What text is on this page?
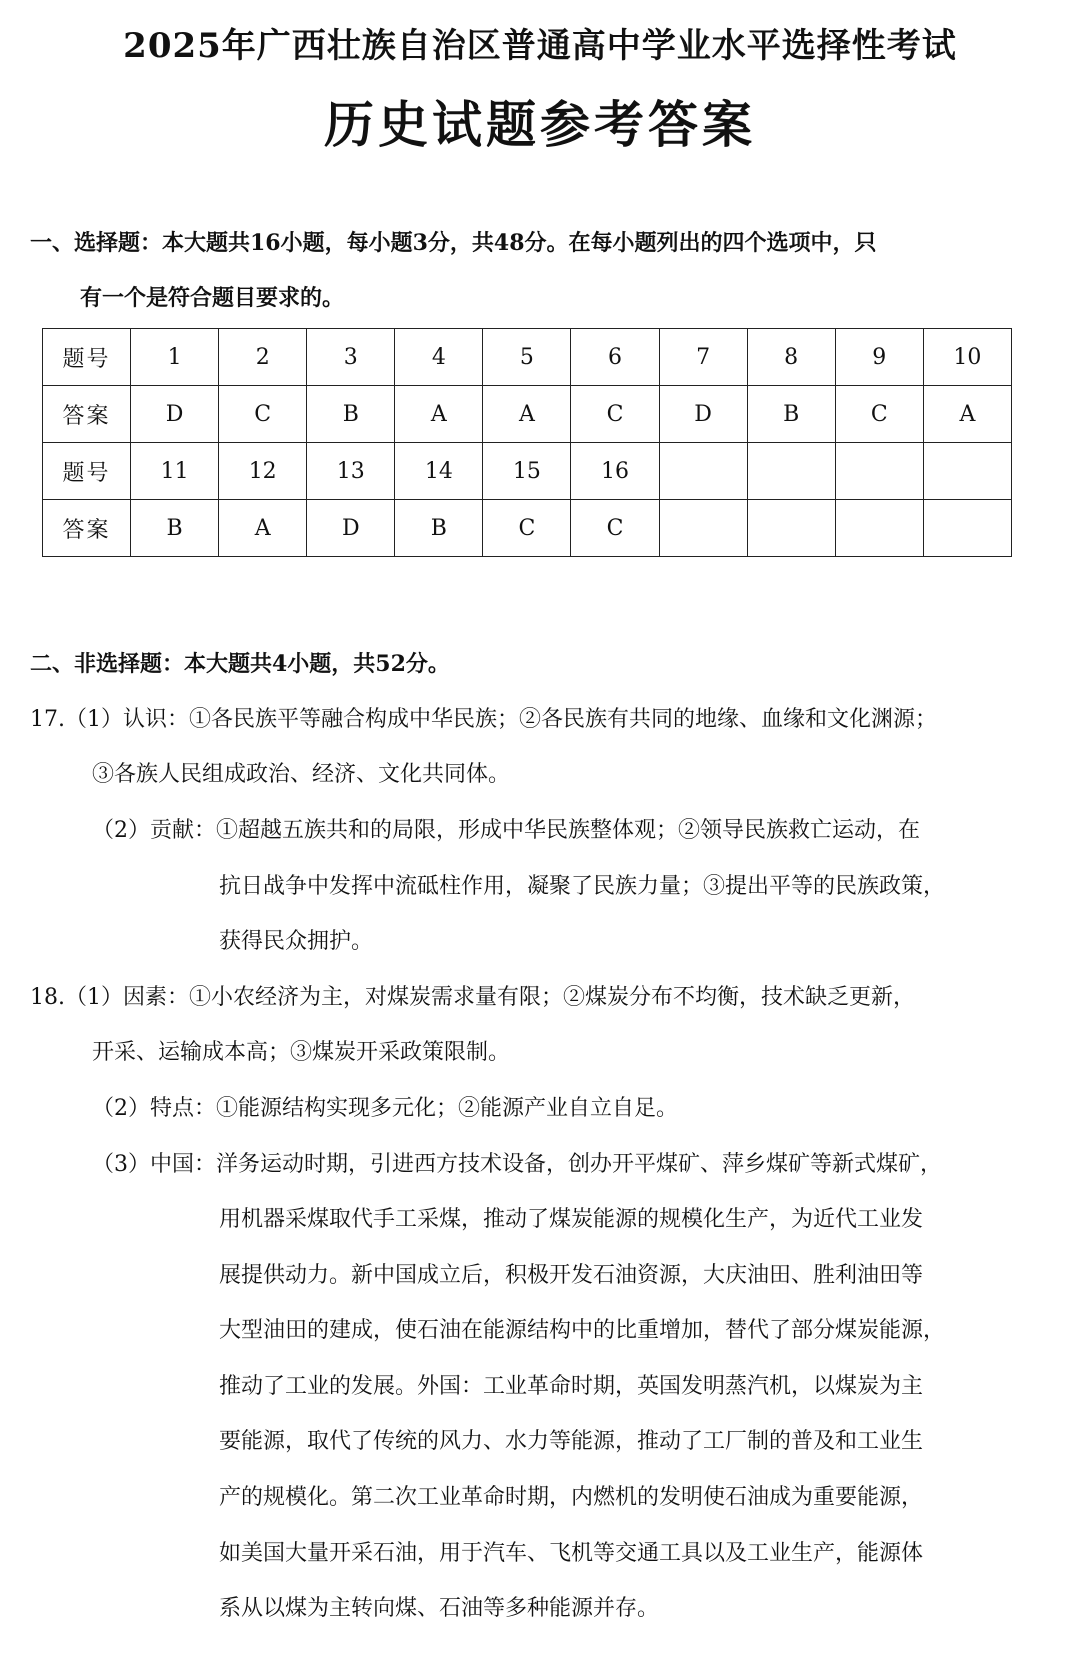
2025年广西壮族自治区普通高中学业水平选择性考试
历史试题参考答案
一、选择题：本大题共16小题，每小题3分，共48分。在每小题列出的四个选项中，只
有一个是符合题目要求的。
题号	1	2	3	4	5	6	7	8	9	10
答案	D	C	B	A	A	C	D	B	C	A
题号	11	12	13	14	15	16				
答案	B	A	D	B	C	C				
二、非选择题：本大题共4小题，共52分。
17.（1）认识：①各民族平等融合构成中华民族；②各民族有共同的地缘、血缘和文化渊源；
③各族人民组成政治、经济、文化共同体。
（2）贡献：①超越五族共和的局限，形成中华民族整体观；②领导民族救亡运动，在
抗日战争中发挥中流砥柱作用，凝聚了民族力量；③提出平等的民族政策，
获得民众拥护。
18.（1）因素：①小农经济为主，对煤炭需求量有限；②煤炭分布不均衡，技术缺乏更新，
开采、运输成本高；③煤炭开采政策限制。
（2）特点：①能源结构实现多元化；②能源产业自立自足。
（3）中国：洋务运动时期，引进西方技术设备，创办开平煤矿、萍乡煤矿等新式煤矿，
用机器采煤取代手工采煤，推动了煤炭能源的规模化生产，为近代工业发
展提供动力。新中国成立后，积极开发石油资源，大庆油田、胜利油田等
大型油田的建成，使石油在能源结构中的比重增加，替代了部分煤炭能源，
推动了工业的发展。外国：工业革命时期，英国发明蒸汽机，以煤炭为主
要能源，取代了传统的风力、水力等能源，推动了工厂制的普及和工业生
产的规模化。第二次工业革命时期，内燃机的发明使石油成为重要能源，
如美国大量开采石油，用于汽车、飞机等交通工具以及工业生产，能源体
系从以煤为主转向煤、石油等多种能源并存。
